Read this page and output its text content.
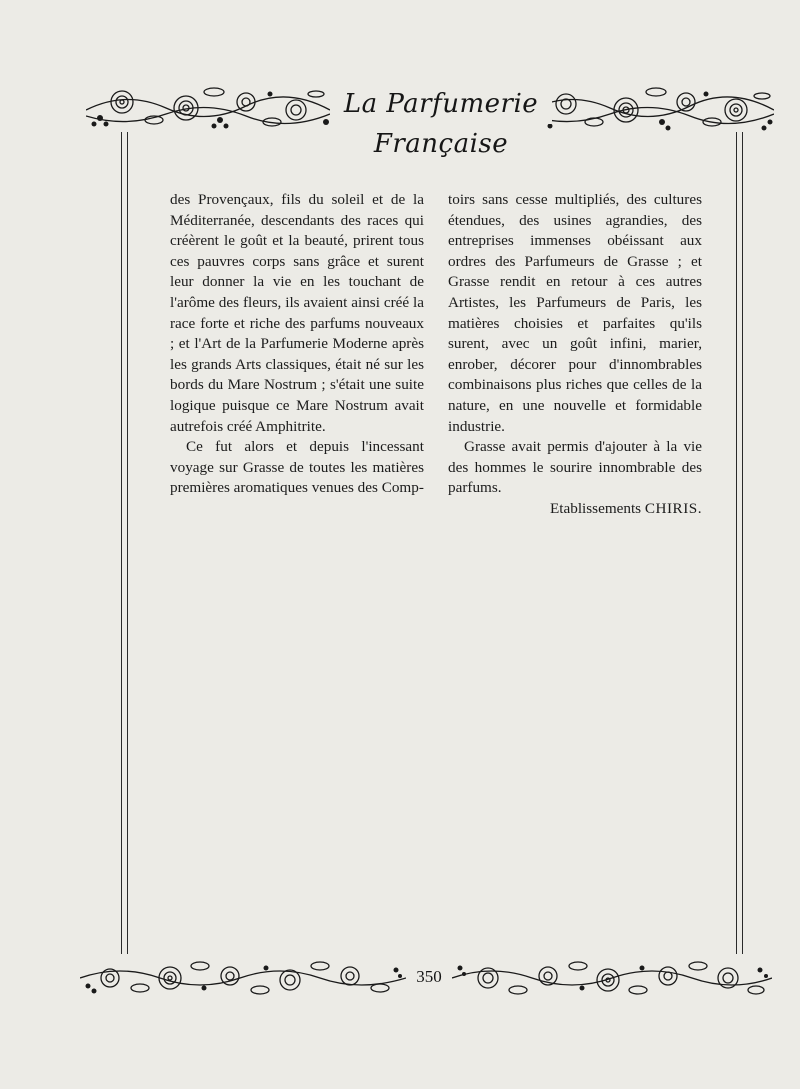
La Parfumerie Française

des Provençaux, fils du soleil et de la Méditerranée, descendants des races qui créèrent le goût et la beauté, prirent tous ces pauvres corps sans grâce et surent leur donner la vie en les touchant de l'arôme des fleurs, ils avaient ainsi créé la race forte et riche des parfums nouveaux ; et l'Art de la Parfumerie Moderne après les grands Arts classiques, était né sur les bords du Mare Nostrum ; s'était une suite logique puisque ce Mare Nostrum avait autrefois créé Amphitrite.

Ce fut alors et depuis l'incessant voyage sur Grasse de toutes les matières premières aromatiques venues des Comp-

toirs sans cesse multipliés, des cultures étendues, des usines agrandies, des entreprises immenses obéissant aux ordres des Parfumeurs de Grasse ; et Grasse rendit en retour à ces autres Artistes, les Parfumeurs de Paris, les matières choisies et parfaites qu'ils surent, avec un goût infini, marier, enrober, décorer pour d'innombrables combinaisons plus riches que celles de la nature, en une nouvelle et formidable industrie.

Grasse avait permis d'ajouter à la vie des hommes le sourire innombrable des parfums.

Etablissements CHIRIS.

350
